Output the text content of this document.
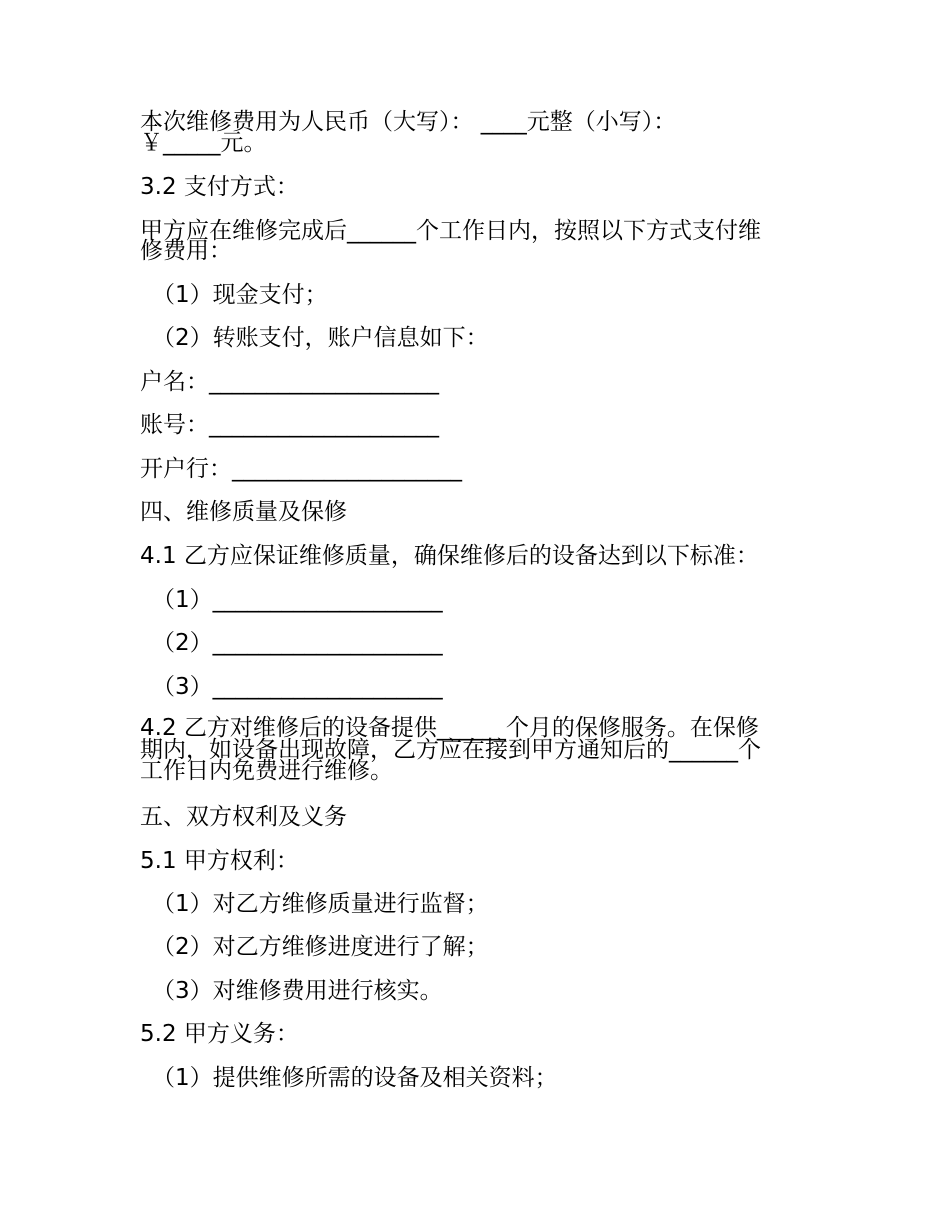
本次维修费用为人民币（大写）： ____元整（小写）：
￥_____元。
3.2 支付方式：
甲方应在维修完成后______个工作日内，按照以下方式支付维
修费用：
（1）现金支付；
（2）转账支付，账户信息如下：
户名：____________________
账号：____________________
开户行：____________________
四、维修质量及保修
4.1 乙方应保证维修质量，确保维修后的设备达到以下标准：
（1）____________________
（2）____________________
（3）____________________
4.2 乙方对维修后的设备提供______个月的保修服务。在保修
期内，如设备出现故障，乙方应在接到甲方通知后的______个
工作日内免费进行维修。
五、双方权利及义务
5.1 甲方权利：
（1）对乙方维修质量进行监督；
（2）对乙方维修进度进行了解；
（3）对维修费用进行核实。
5.2 甲方义务：
（1）提供维修所需的设备及相关资料；
